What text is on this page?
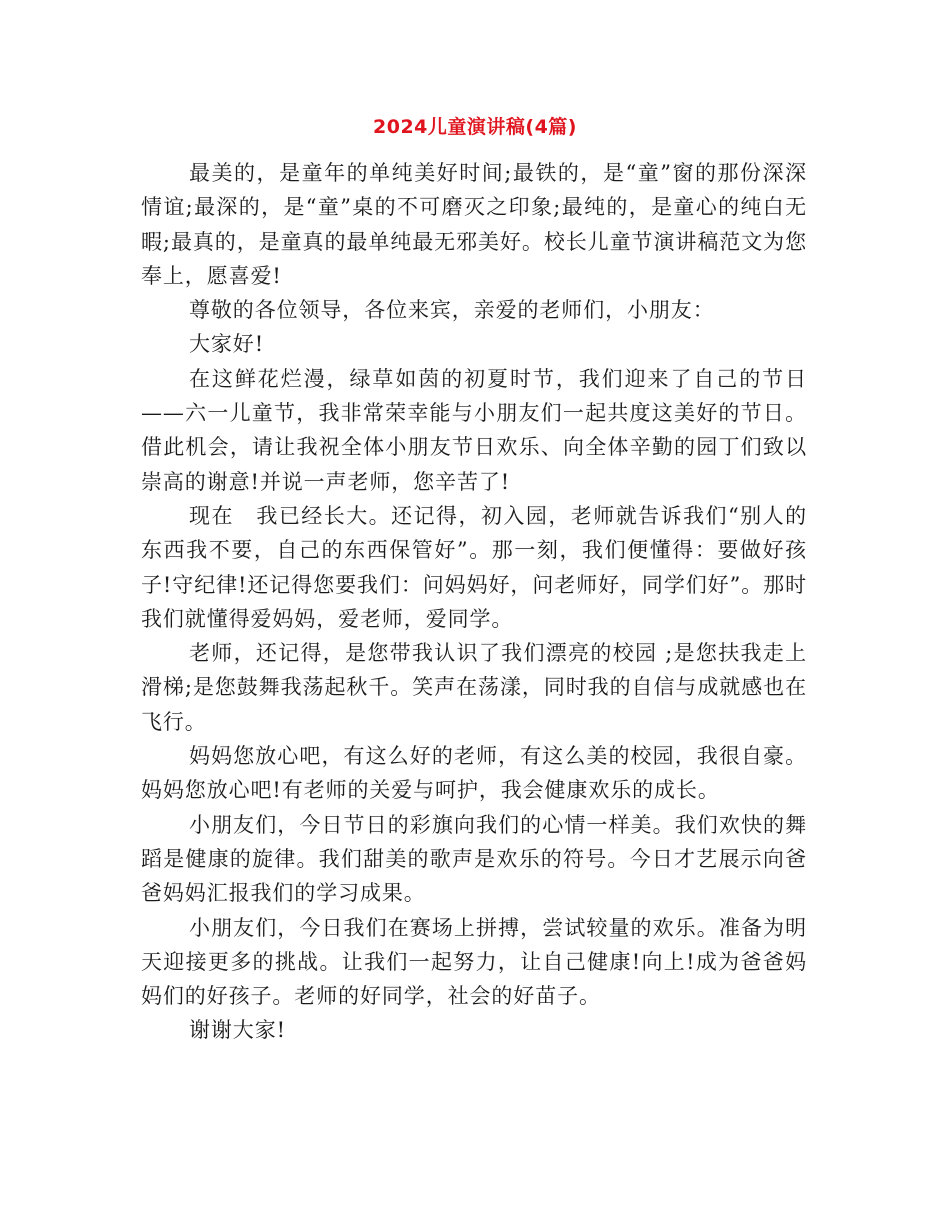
2024儿童演讲稿(4篇)

最美的，是童年的单纯美好时间;最铁的，是“童”窗的那份深深情谊;最深的，是“童”桌的不可磨灭之印象;最纯的，是童心的纯白无暇;最真的，是童真的最单纯最无邪美好。校长儿童节演讲稿范文为您奉上，愿喜爱!

尊敬的各位领导，各位来宾，亲爱的老师们，小朋友：

大家好!

在这鲜花烂漫，绿草如茵的初夏时节，我们迎来了自己的节日——六一儿童节，我非常荣幸能与小朋友们一起共度这美好的节日。借此机会，请让我祝全体小朋友节日欢乐、向全体辛勤的园丁们致以崇高的谢意!并说一声老师，您辛苦了!

现在　我已经长大。还记得，初入园，老师就告诉我们“别人的东西我不要，自己的东西保管好”。那一刻，我们便懂得：要做好孩子!守纪律!还记得您要我们：问妈妈好，问老师好，同学们好”。那时我们就懂得爱妈妈，爱老师，爱同学。

老师，还记得，是您带我认识了我们漂亮的校园 ;是您扶我走上滑梯;是您鼓舞我荡起秋千。笑声在荡漾，同时我的自信与成就感也在飞行。

妈妈您放心吧，有这么好的老师，有这么美的校园，我很自豪。妈妈您放心吧!有老师的关爱与呵护，我会健康欢乐的成长。

小朋友们，今日节日的彩旗向我们的心情一样美。我们欢快的舞蹈是健康的旋律。我们甜美的歌声是欢乐的符号。今日才艺展示向爸爸妈妈汇报我们的学习成果。

小朋友们，今日我们在赛场上拼搏，尝试较量的欢乐。准备为明天迎接更多的挑战。让我们一起努力，让自己健康!向上!成为爸爸妈妈们的好孩子。老师的好同学，社会的好苗子。

谢谢大家!
